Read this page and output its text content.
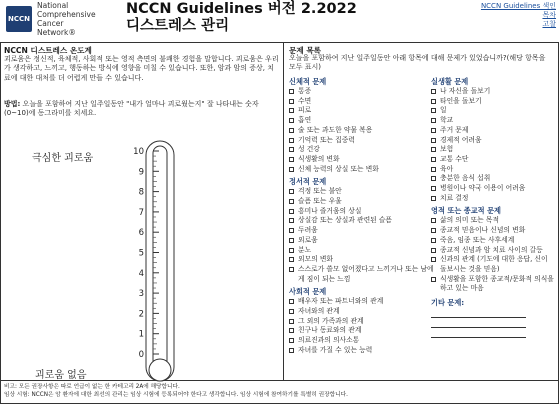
NCCN
National
Comprehensive
Cancer
Network®
NCCN Guidelines 버전 2.2022
디스트레스 관리
NCCN Guidelines 색인
목차
고찰
NCCN 디스트레스 온도계
괴로움은 정신적, 육체적, 사회적 또는 영적 측면의 불쾌한 경험을 말합니다. 괴로움은 우리가 생각하고, 느끼고, 행동하는 방식에 영향을 미칠 수 있습니다. 또한, 암과 암의 증상, 치료에 대한 대처를 더 어렵게 만들 수 있습니다.
방법: 오늘을 포함하여 지난 일주일동안 "내가 얼마나 괴로웠는지" 잘 나타내는 숫자(0~10)에 동그라미를 치세요.
극심한 괴로움
괴로움 없음
10
9
8
7
6
5
4
3
2
1
0
문제 목록
오늘을 포함하여 지난 일주일동안 아래 항목에 대해 문제가 있었습니까?(해당 항목을 모두 표시)
신체적 문제
통증
수면
피로
흡연
술 또는 과도한 약물 복용
기억력 또는 집중력
성 건강
식생활의 변화
신체 능력의 상실 또는 변화
정서적 문제
걱정 또는 불안
슬픔 또는 우울
흥미나 즐거움의 상실
상실감 또는 상실과 관련된 슬픔
두려움
외로움
분노
외모의 변화
스스로가 쓸모 없어졌다고 느끼거나 또는 남에게 짐이 되는 느낌
사회적 문제
배우자 또는 파트너와의 관계
자녀와의 관계
그 외의 가족과의 관계
친구나 동료와의 관계
의료진과의 의사소통
자녀를 가질 수 있는 능력
실생활 문제
나 자신을 돌보기
타인을 돌보기
일
학교
주거 문제
경제적 어려움
보험
교통 수단
육아
충분한 음식 섭취
병원이나 약국 이용이 어려움
치료 결정
영적 또는 종교적 문제
삶의 의미 또는 목적
종교적 믿음이나 신념의 변화
죽음, 임종 또는 사후세계
종교적 신념과 암 치료 사이의 갈등
신과의 관계 (기도에 대한 응답, 신이 돌보시는 것을 믿음)
식생활을 포함한 종교적/문화적 의식을 하고 있는 마음
기타 문제:
비고: 모든 권장사항은 따로 언급이 없는 한 카테고리 2A에 해당합니다.
임상 시험: NCCN은 암 환자에 대한 최선의 관리는 임상 시험에 등록되어야 한다고 생각합니다. 임상 시험에 참여하기를 특별히 권장합니다.
